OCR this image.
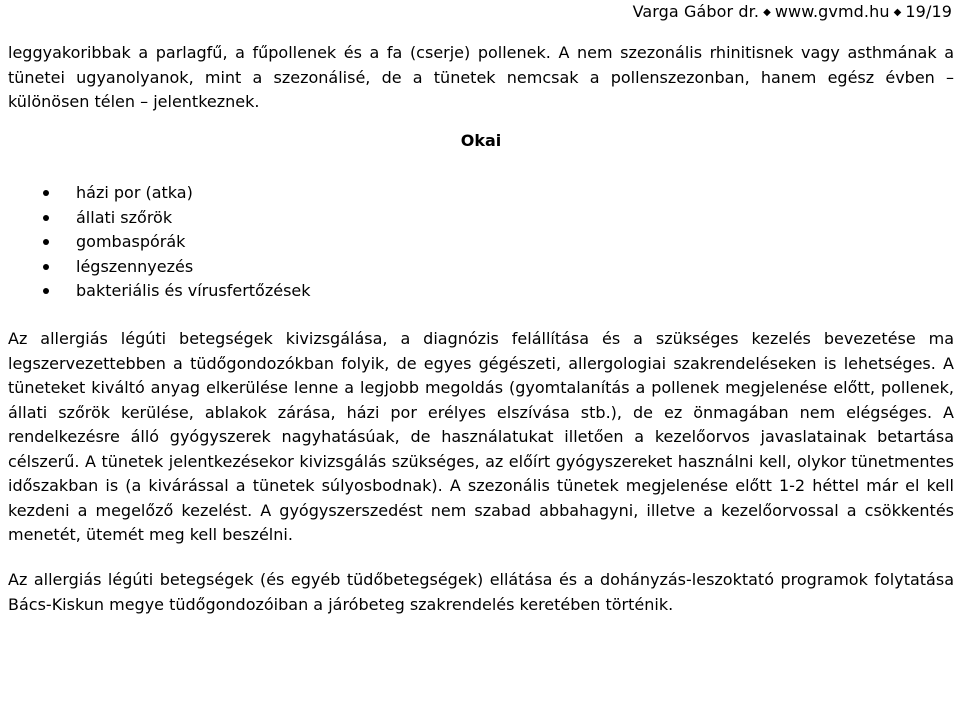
Varga Gábor dr. ◆ www.gvmd.hu ◆ 19/19

leggyakoribbak a parlagfű, a fűpollenek és a fa (cserje) pollenek. A nem szezonális rhinitisnek vagy asthmának a tünetei ugyanolyanok, mint a szezonálisé, de a tünetek nemcsak a pollenszezonban, hanem egész évben – különösen télen – jelentkeznek.

Okai
házi por (atka)
állati szőrök
gombaspórák
légszennyezés
bakteriális és vírusfertőzések

Az allergiás légúti betegségek kivizsgálása, a diagnózis felállítása és a szükséges kezelés bevezetése ma legszervezettebben a tüdőgondozókban folyik, de egyes gégészeti, allergologiai szakrendeléseken is lehetséges. A tüneteket kiváltó anyag elkerülése lenne a legjobb megoldás (gyomtalanítás a pollenek megjelenése előtt, pollenek, állati szőrök kerülése, ablakok zárása, házi por erélyes elszívása stb.), de ez önmagában nem elégséges. A rendelkezésre álló gyógyszerek nagyhatásúak, de használatukat illetően a kezelőorvos javaslatainak betartása célszerű. A tünetek jelentkezésekor kivizsgálás szükséges, az előírt gyógyszereket használni kell, olykor tünetmentes időszakban is (a kivárással a tünetek súlyosbodnak). A szezonális tünetek megjelenése előtt 1-2 héttel már el kell kezdeni a megelőző kezelést. A gyógyszerszedést nem szabad abbahagyni, illetve a kezelőorvossal a csökkentés menetét, ütemét meg kell beszélni.

Az allergiás légúti betegségek (és egyéb tüdőbetegségek) ellátása és a dohányzás-leszoktató programok folytatása Bács-Kiskun megye tüdőgondozóiban a járóbeteg szakrendelés keretében történik.
